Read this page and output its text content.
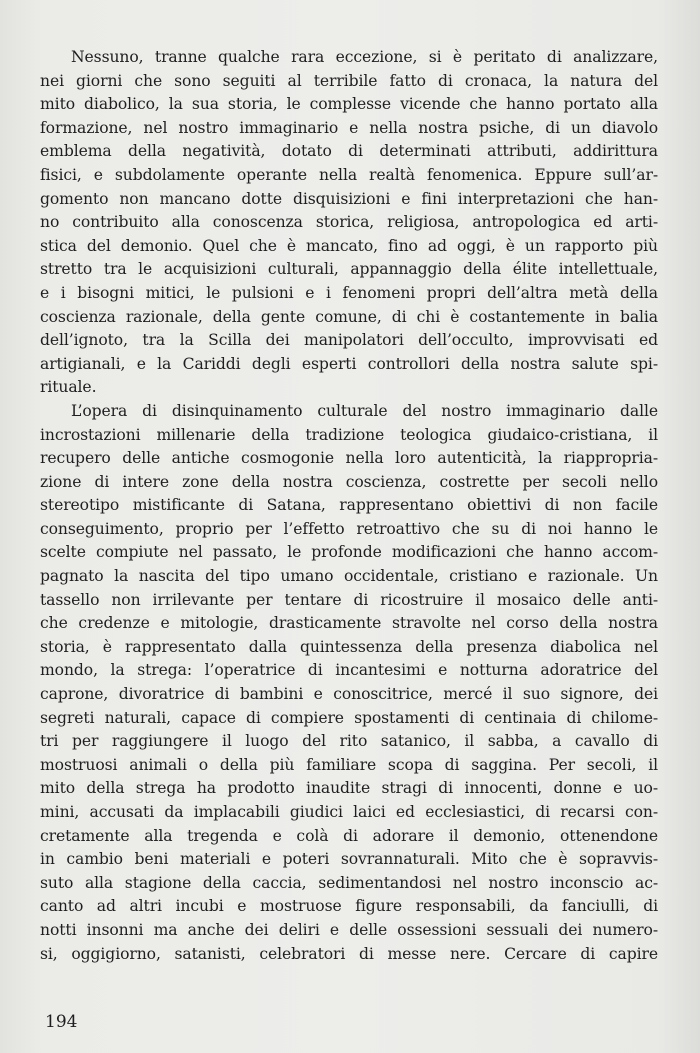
  Nessuno, tranne qualche rara eccezione, si è peritato di analizzare,
nei giorni che sono seguiti al terribile fatto di cronaca, la natura del
mito diabolico, la sua storia, le complesse vicende che hanno portato alla
formazione, nel nostro immaginario e nella nostra psiche, di un diavolo
emblema della negatività, dotato di determinati attributi, addirittura
fisici, e subdolamente operante nella realtà fenomenica. Eppure sull’ar-
gomento non mancano dotte disquisizioni e fini interpretazioni che han-
no contribuito alla conoscenza storica, religiosa, antropologica ed arti-
stica del demonio. Quel che è mancato, fino ad oggi, è un rapporto più
stretto tra le acquisizioni culturali, appannaggio della élite intellettuale,
e i bisogni mitici, le pulsioni e i fenomeni propri dell’altra metà della
coscienza razionale, della gente comune, di chi è costantemente in balia
dell’ignoto, tra la Scilla dei manipolatori dell’occulto, improvvisati ed
artigianali, e la Cariddi degli esperti controllori della nostra salute spi-
rituale.
  L’opera di disinquinamento culturale del nostro immaginario dalle
incrostazioni millenarie della tradizione teologica giudaico-cristiana, il
recupero delle antiche cosmogonie nella loro autenticità, la riappropria-
zione di intere zone della nostra coscienza, costrette per secoli nello
stereotipo mistificante di Satana, rappresentano obiettivi di non facile
conseguimento, proprio per l’effetto retroattivo che su di noi hanno le
scelte compiute nel passato, le profonde modificazioni che hanno accom-
pagnato la nascita del tipo umano occidentale, cristiano e razionale. Un
tassello non irrilevante per tentare di ricostruire il mosaico delle anti-
che credenze e mitologie, drasticamente stravolte nel corso della nostra
storia, è rappresentato dalla quintessenza della presenza diabolica nel
mondo, la strega: l’operatrice di incantesimi e notturna adoratrice del
caprone, divoratrice di bambini e conoscitrice, mercé il suo signore, dei
segreti naturali, capace di compiere spostamenti di centinaia di chilome-
tri per raggiungere il luogo del rito satanico, il sabba, a cavallo di
mostruosi animali o della più familiare scopa di saggina. Per secoli, il
mito della strega ha prodotto inaudite stragi di innocenti, donne e uo-
mini, accusati da implacabili giudici laici ed ecclesiastici, di recarsi con-
cretamente alla tregenda e colà di adorare il demonio, ottenendone
in cambio beni materiali e poteri sovrannaturali. Mito che è sopravvis-
suto alla stagione della caccia, sedimentandosi nel nostro inconscio ac-
canto ad altri incubi e mostruose figure responsabili, da fanciulli, di
notti insonni ma anche dei deliri e delle ossessioni sessuali dei numero-
si, oggigiorno, satanisti, celebratori di messe nere. Cercare di capire
194
